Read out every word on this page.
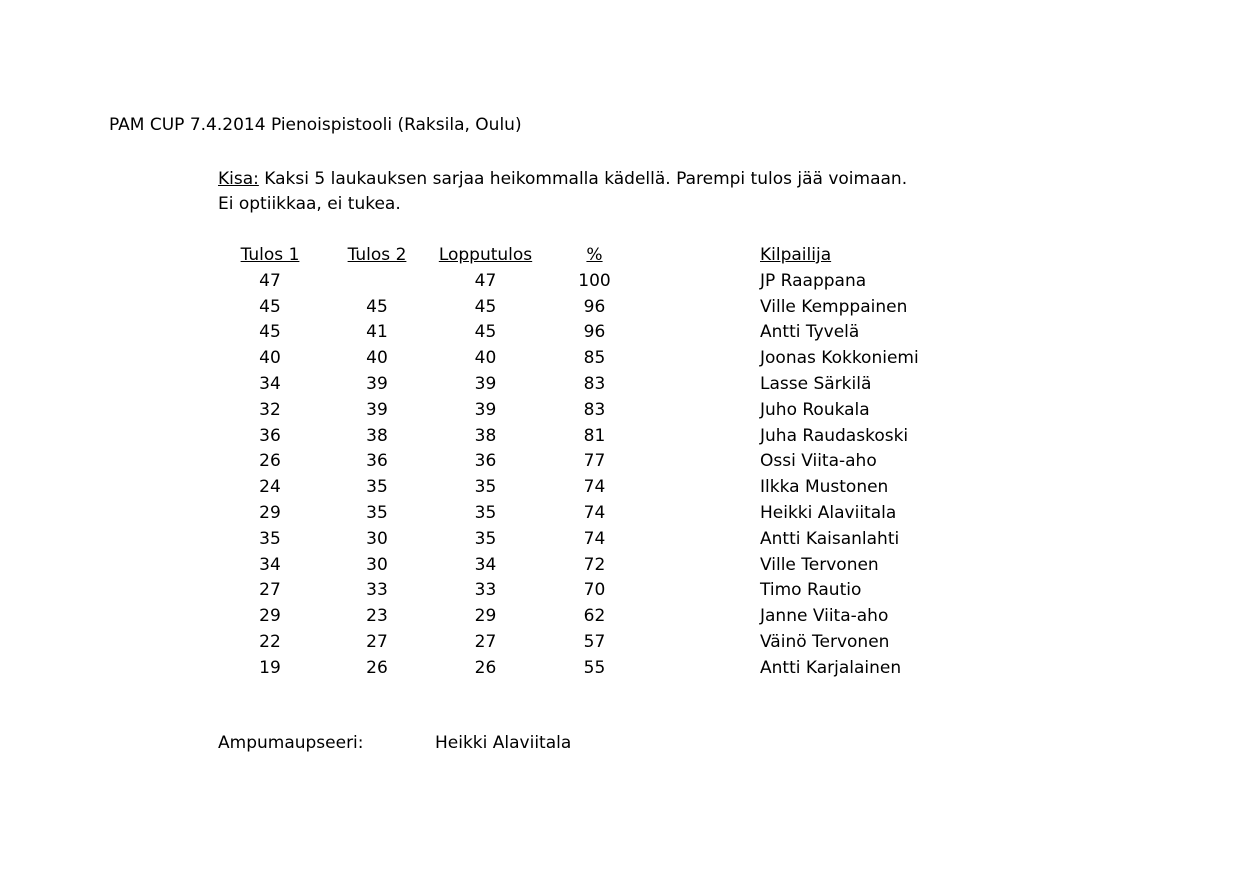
PAM CUP 7.4.2014 Pienoispistooli (Raksila, Oulu)
Kisa: Kaksi 5 laukauksen sarjaa heikommalla kädellä. Parempi tulos jää voimaan. Ei optiikkaa, ei tukea.
Tulos 1	Tulos 2	Lopputulos	%	Kilpailija
47		47	100	JP Raappana
45	45	45	96	Ville Kemppainen
45	41	45	96	Antti Tyvelä
40	40	40	85	Joonas Kokkoniemi
34	39	39	83	Lasse Särkilä
32	39	39	83	Juho Roukala
36	38	38	81	Juha Raudaskoski
26	36	36	77	Ossi Viita-aho
24	35	35	74	Ilkka Mustonen
29	35	35	74	Heikki Alaviitala
35	30	35	74	Antti Kaisanlahti
34	30	34	72	Ville Tervonen
27	33	33	70	Timo Rautio
29	23	29	62	Janne Viita-aho
22	27	27	57	Väinö Tervonen
19	26	26	55	Antti Karjalainen
Ampumaupseeri:	Heikki Alaviitala
